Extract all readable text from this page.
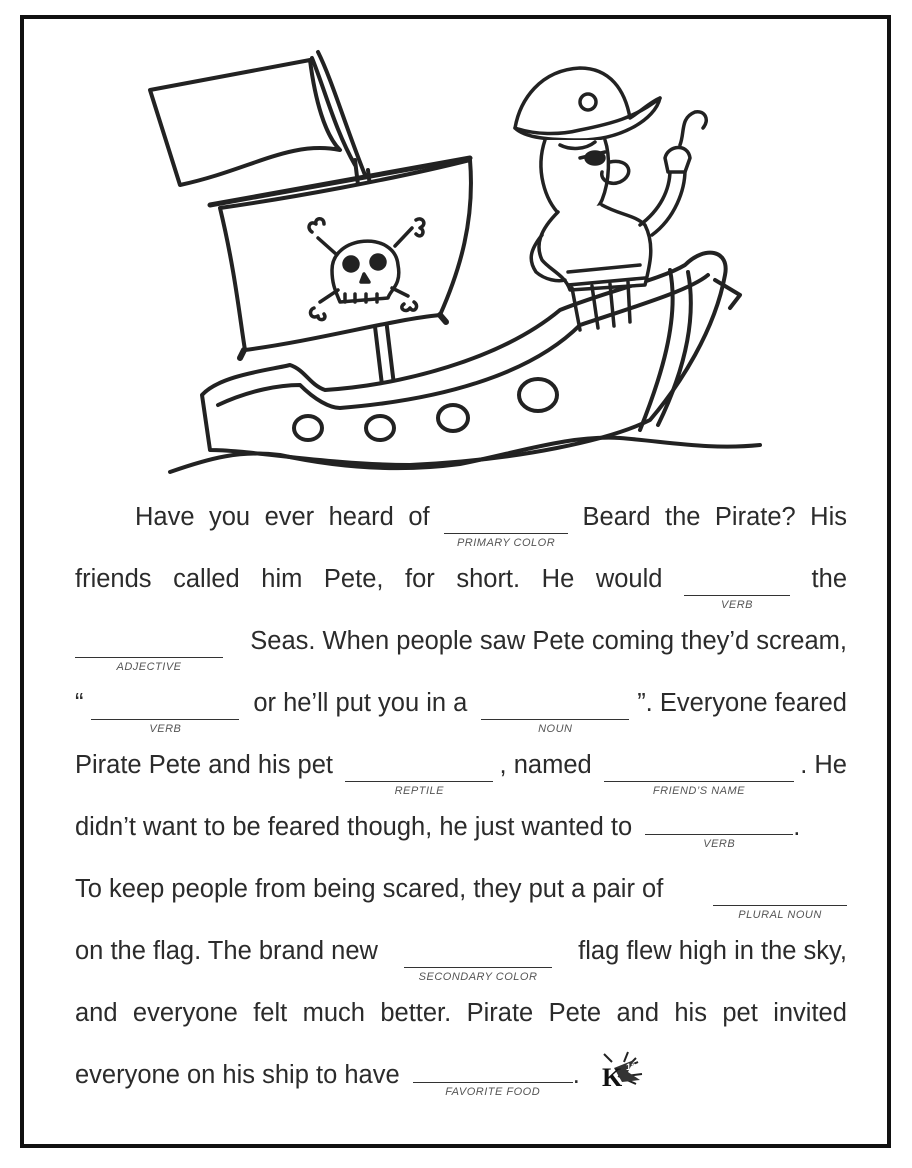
Have you ever heard of
PRIMARY COLOR
Beard the Pirate? His
friends called him Pete, for short. He would
VERB
the
ADJECTIVE
Seas. When people saw Pete coming they’d scream,
“
VERB
or he’ll put you in a
NOUN
”. Everyone feared
Pirate Pete and his pet
REPTILE
, named
FRIEND’S NAME
. He
didn’t want to be feared though, he just wanted to
VERB
.
To keep people from being scared, they put a pair of
PLURAL NOUN
on the flag. The brand new
SECONDARY COLOR
flag flew high in the sky,
and everyone felt much better. Pirate Pete and his pet invited
everyone on his ship to have
FAVORITE FOOD
. K 12
